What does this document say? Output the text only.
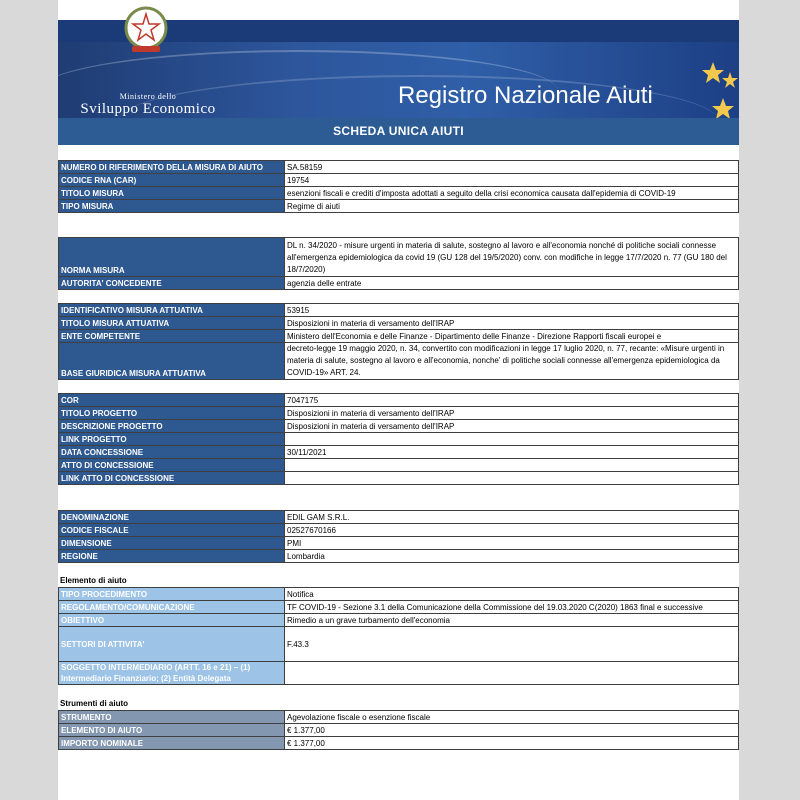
Ministero dello
Sviluppo Economico	Registro Nazionale Aiuti
SCHEDA UNICA AIUTI
NUMERO DI RIFERIMENTO DELLA MISURA DI AIUTO	SA.58159
CODICE RNA (CAR)	19754
TITOLO MISURA	esenzioni fiscali e crediti d'imposta adottati a seguito della crisi economica causata dall'epidemia di COVID-19
TIPO MISURA	Regime di aiuti
NORMA MISURA	DL n. 34/2020 - misure urgenti in materia di salute, sostegno al lavoro e all'economia nonché di politiche sociali connesse all'emergenza epidemiologica da covid 19 (GU 128 del 19/5/2020) conv. con modifiche in legge 17/7/2020 n. 77 (GU 180 del 18/7/2020)
AUTORITA' CONCEDENTE	agenzia delle entrate
IDENTIFICATIVO MISURA ATTUATIVA	53915
TITOLO MISURA ATTUATIVA	Disposizioni in materia di versamento dell'IRAP
ENTE COMPETENTE	Ministero dell'Economia e delle Finanze - Dipartimento delle Finanze - Direzione Rapporti fiscali europei e
BASE GIURIDICA MISURA ATTUATIVA	decreto-legge 19 maggio 2020, n. 34, convertito con modificazioni in legge 17 luglio 2020, n. 77, recante: «Misure urgenti in materia di salute, sostegno al lavoro e all'economia, nonche' di politiche sociali connesse all'emergenza epidemiologica da COVID-19» ART. 24.
COR	7047175
TITOLO PROGETTO	Disposizioni in materia di versamento dell'IRAP
DESCRIZIONE PROGETTO	Disposizioni in materia di versamento dell'IRAP
LINK PROGETTO	
DATA CONCESSIONE	30/11/2021
ATTO DI CONCESSIONE	
LINK ATTO DI CONCESSIONE	
DENOMINAZIONE	EDIL GAM S.R.L.
CODICE FISCALE	02527670166
DIMENSIONE	PMI
REGIONE	Lombardia
Elemento di aiuto
TIPO PROCEDIMENTO	Notifica
REGOLAMENTO/COMUNICAZIONE	TF COVID-19 - Sezione 3.1 della Comunicazione della Commissione del 19.03.2020 C(2020) 1863 final e successive
OBIETTIVO	Rimedio a un grave turbamento dell'economia
SETTORI DI ATTIVITA'	F.43.3
SOGGETTO INTERMEDIARIO (ARTT. 16 e 21) – (1) Intermediario Finanziario; (2) Entità Delegata	
Strumenti di aiuto
STRUMENTO	Agevolazione fiscale o esenzione fiscale
ELEMENTO DI AIUTO	€ 1.377,00
IMPORTO NOMINALE	€ 1.377,00
